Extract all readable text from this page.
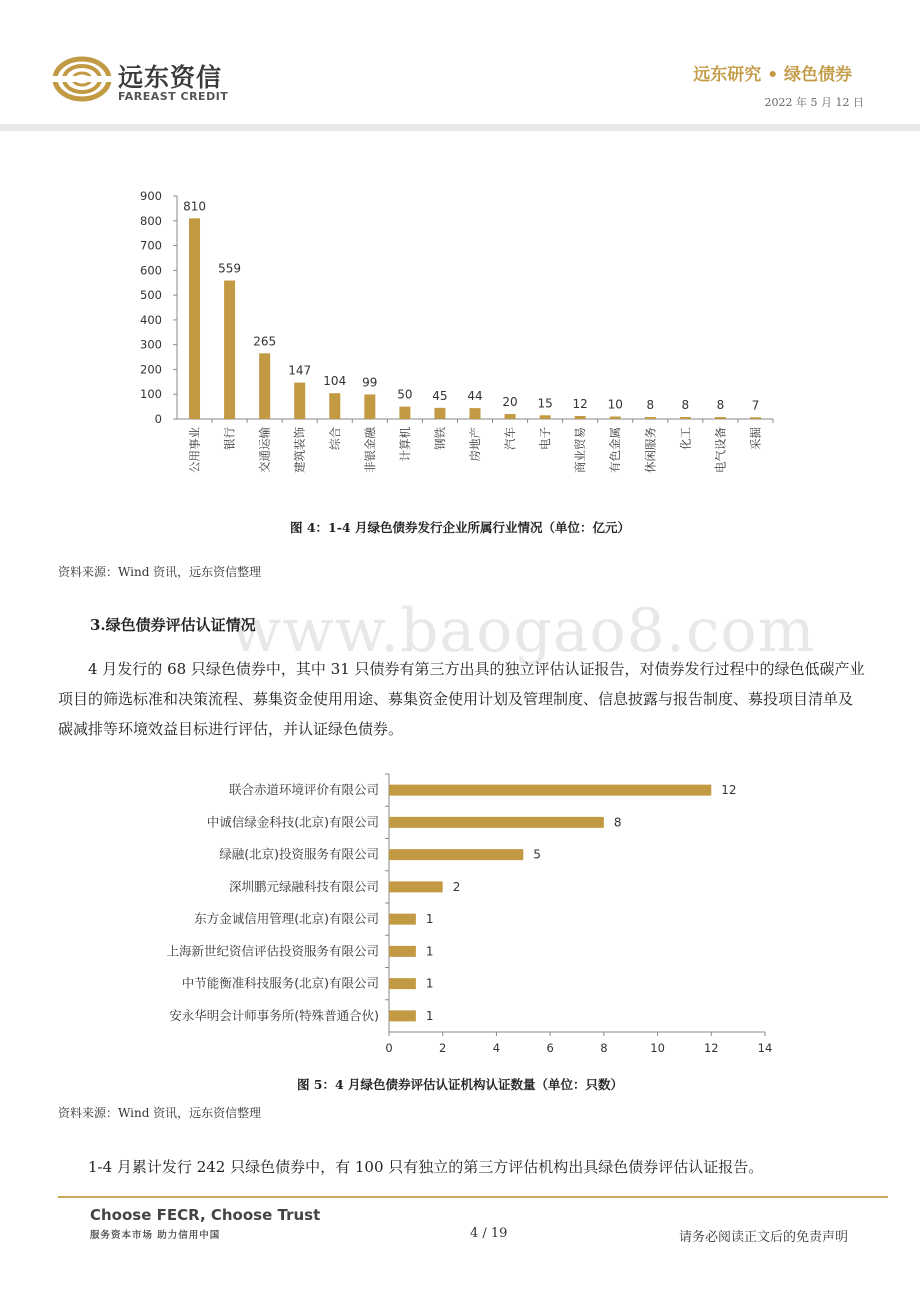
远东资信
FAREAST CREDIT
远东研究 • 绿色债券
2022 年 5 月 12 日
0
100
200
300
400
500
600
700
800
900
810
公用事业
559
银行
265
交通运输
147
建筑装饰
104
综合
99
非银金融
50
计算机
45
钢铁
44
房地产
20
汽车
15
电子
12
商业贸易
10
有色金属
8
休闲服务
8
化工
8
电气设备
7
采掘
图 4：1-4 月绿色债券发行企业所属行业情况（单位：亿元）
资料来源：Wind 资讯，远东资信整理
www.baogao8.com
3.绿色债券评估认证情况
4 月发行的 68 只绿色债券中，其中 31 只债券有第三方出具的独立评估认证报告，对债券发行过程中的绿色低碳产业项目的筛选标准和决策流程、募集资金使用用途、募集资金使用计划及管理制度、信息披露与报告制度、募投项目清单及碳减排等环境效益目标进行评估，并认证绿色债券。
0	2	4	6	8	10	12	14
12
联合赤道环境评价有限公司
8
中诚信绿金科技(北京)有限公司
5
绿融(北京)投资服务有限公司
2
深圳鹏元绿融科技有限公司
1
东方金诚信用管理(北京)有限公司
1
上海新世纪资信评估投资服务有限公司
1
中节能衡准科技服务(北京)有限公司
1
安永华明会计师事务所(特殊普通合伙)
图 5：4 月绿色债券评估认证机构认证数量（单位：只数）
资料来源：Wind 资讯，远东资信整理
1-4 月累计发行 242 只绿色债券中，有 100 只有独立的第三方评估机构出具绿色债券评估认证报告。
Choose FECR, Choose Trust
服务资本市场 助力信用中国	4 / 19	请务必阅读正文后的免责声明
